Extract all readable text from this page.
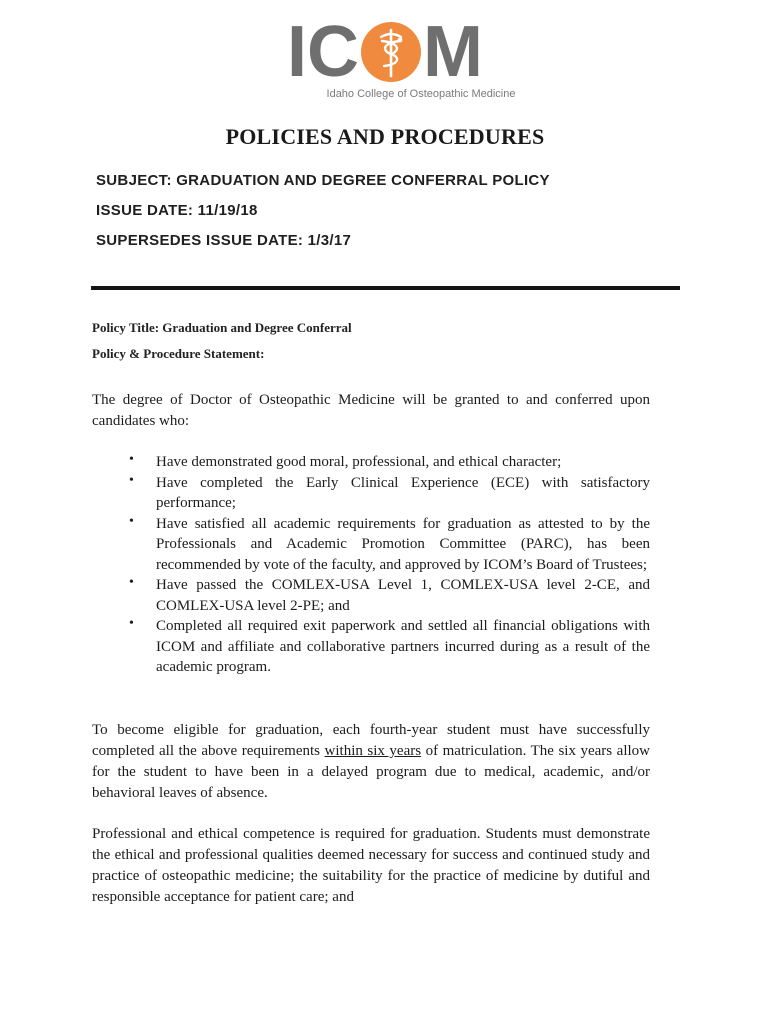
IC M
Idaho College of Osteopathic Medicine
POLICIES AND PROCEDURES
SUBJECT: GRADUATION AND DEGREE CONFERRAL POLICY
ISSUE DATE: 11/19/18
SUPERSEDES ISSUE DATE: 1/3/17
Policy Title: Graduation and Degree Conferral
Policy & Procedure Statement:
The degree of Doctor of Osteopathic Medicine will be granted to and conferred upon candidates who:
• Have demonstrated good moral, professional, and ethical character;
• Have completed the Early Clinical Experience (ECE) with satisfactory performance;
• Have satisfied all academic requirements for graduation as attested to by the Professionals and Academic Promotion Committee (PARC), has been recommended by vote of the faculty, and approved by ICOM’s Board of Trustees;
• Have passed the COMLEX-USA Level 1, COMLEX-USA level 2-CE, and COMLEX-USA level 2-PE; and
• Completed all required exit paperwork and settled all financial obligations with ICOM and affiliate and collaborative partners incurred during as a result of the academic program.
To become eligible for graduation, each fourth-year student must have successfully completed all the above requirements within six years of matriculation. The six years allow for the student to have been in a delayed program due to medical, academic, and/or behavioral leaves of absence.
Professional and ethical competence is required for graduation. Students must demonstrate the ethical and professional qualities deemed necessary for success and continued study and practice of osteopathic medicine; the suitability for the practice of medicine by dutiful and responsible acceptance for patient care; and
